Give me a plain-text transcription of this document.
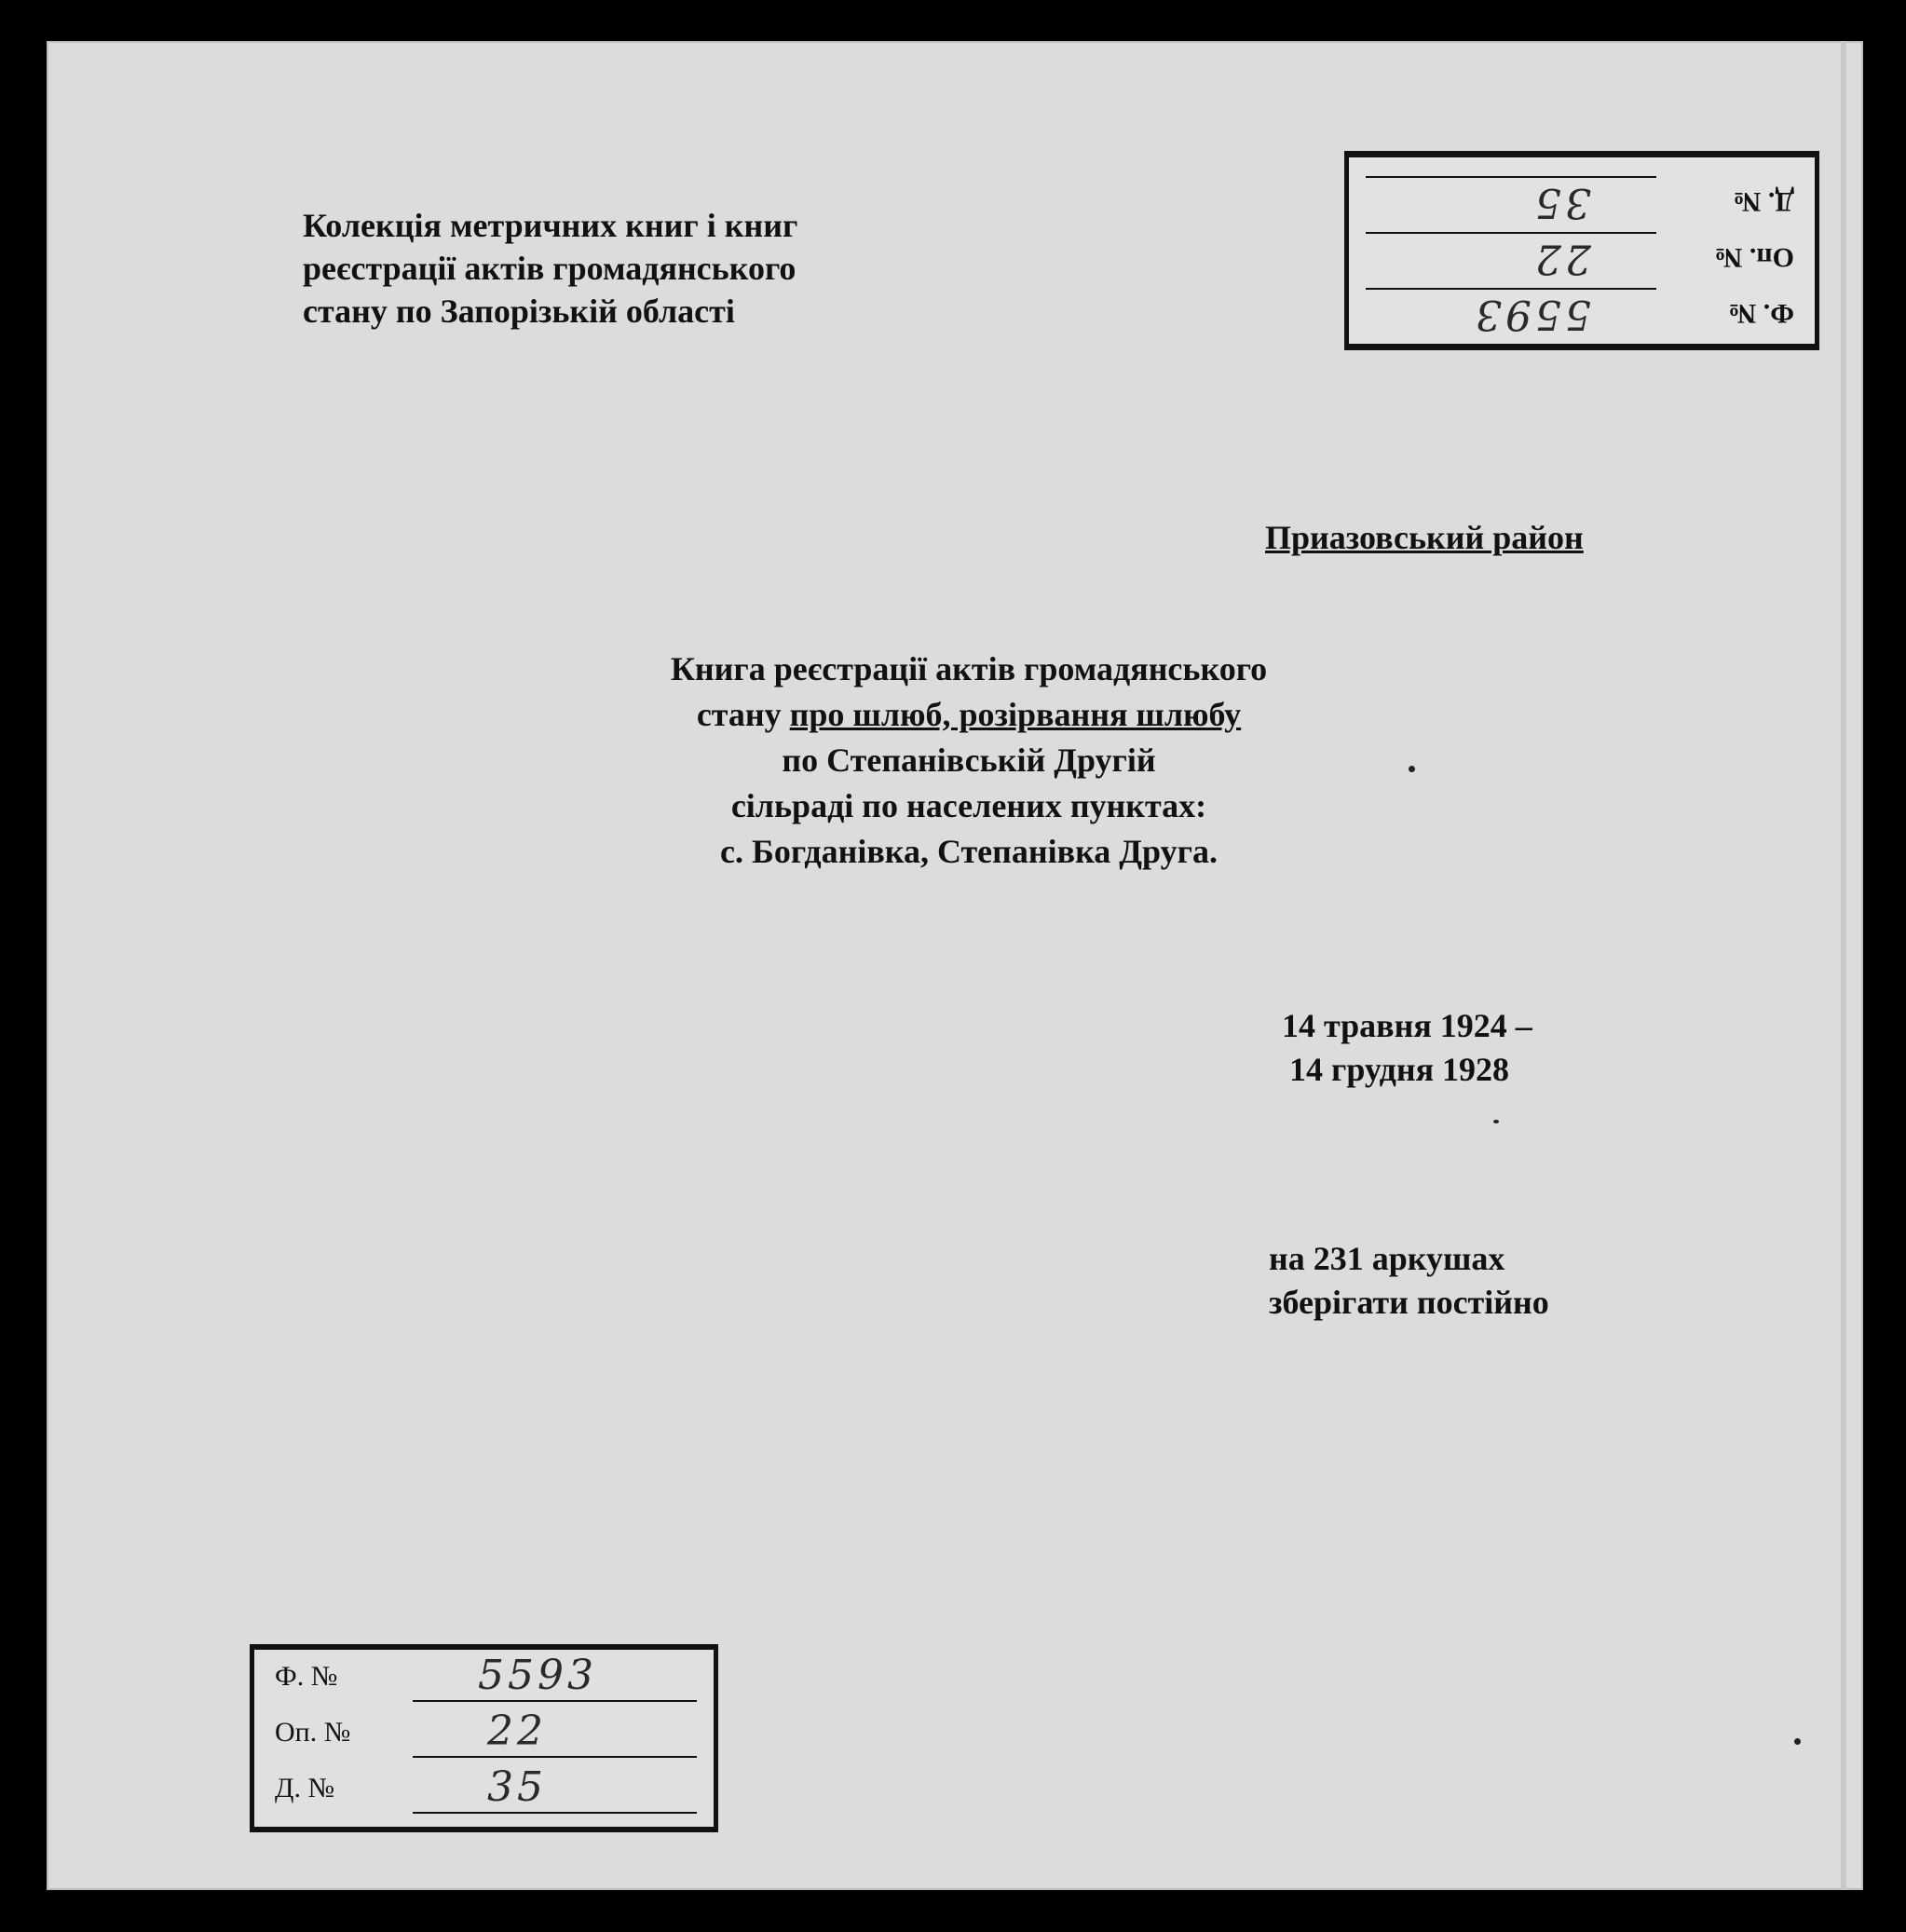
Ф. №
5593
Оп. №
22
Д. №
35
Колекція метричних книг і книг
реєстрації актів громадянського
стану по Запорізькій області
Приазовський район
Книга реєстрації актів громадянського
стану про шлюб, розірвання шлюбу
по Степанівській Другій
сільраді по населених пунктах:
с. Богданівка, Степанівка Друга.
14 травня 1924 –
14 грудня 1928
на 231 аркушах
зберігати постійно
Ф. №	5593
Оп. №	22
Д. №	35
